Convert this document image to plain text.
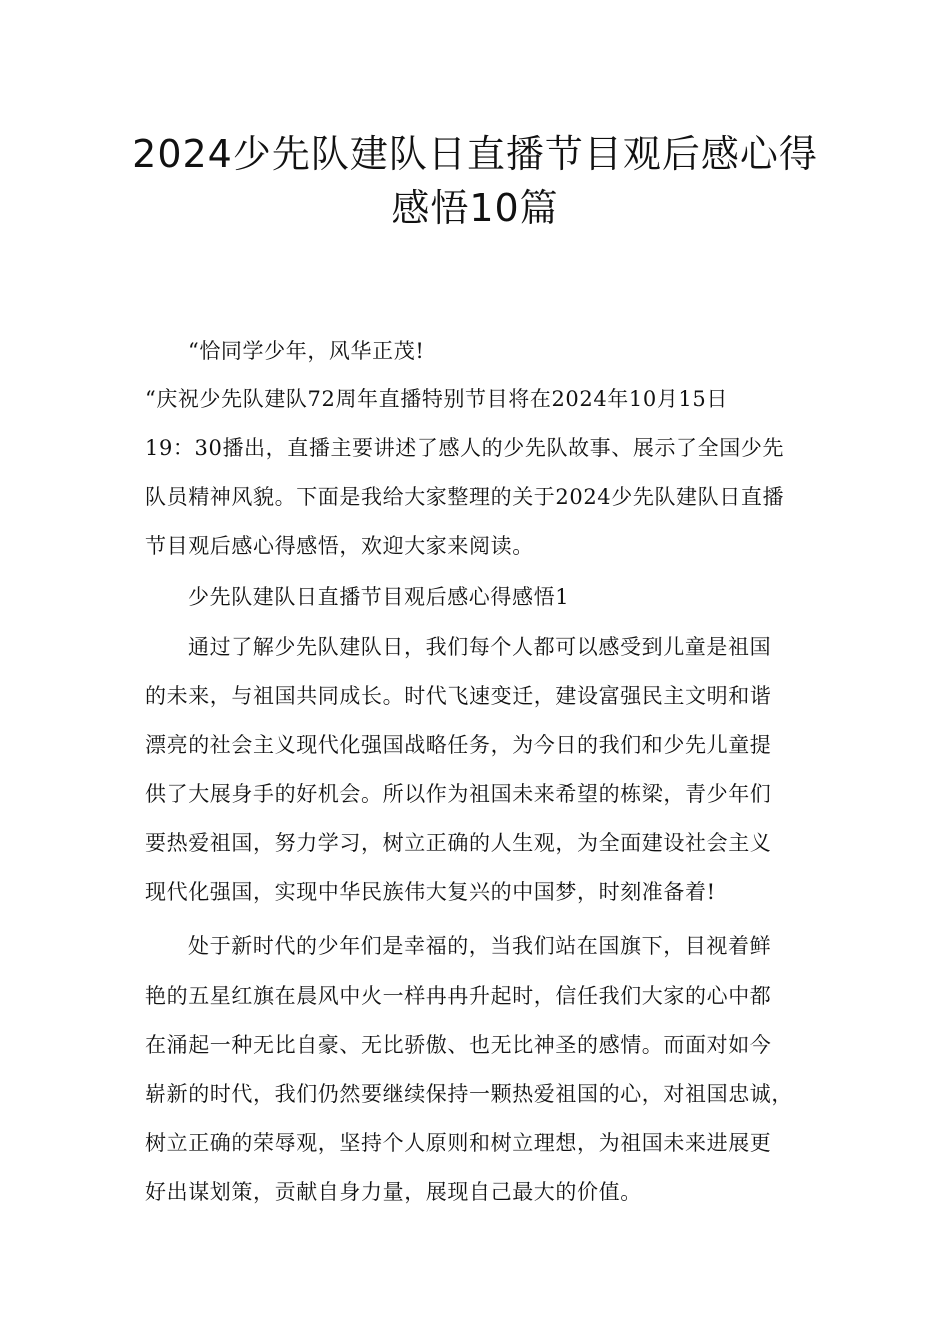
2024少先队建队日直播节目观后感心得
感悟10篇
“恰同学少年，风华正茂!
“庆祝少先队建队72周年直播特别节目将在2024年10月15日
19：30播出，直播主要讲述了感人的少先队故事、展示了全国少先
队员精神风貌。下面是我给大家整理的关于2024少先队建队日直播
节目观后感心得感悟，欢迎大家来阅读。
少先队建队日直播节目观后感心得感悟1
通过了解少先队建队日，我们每个人都可以感受到儿童是祖国
的未来，与祖国共同成长。时代飞速变迁，建设富强民主文明和谐
漂亮的社会主义现代化强国战略任务，为今日的我们和少先儿童提
供了大展身手的好机会。所以作为祖国未来希望的栋梁，青少年们
要热爱祖国，努力学习，树立正确的人生观，为全面建设社会主义
现代化强国，实现中华民族伟大复兴的中国梦，时刻准备着!
处于新时代的少年们是幸福的，当我们站在国旗下，目视着鲜
艳的五星红旗在晨风中火一样冉冉升起时，信任我们大家的心中都
在涌起一种无比自豪、无比骄傲、也无比神圣的感情。而面对如今
崭新的时代，我们仍然要继续保持一颗热爱祖国的心，对祖国忠诚，
树立正确的荣辱观，坚持个人原则和树立理想，为祖国未来进展更
好出谋划策，贡献自身力量，展现自己最大的价值。
